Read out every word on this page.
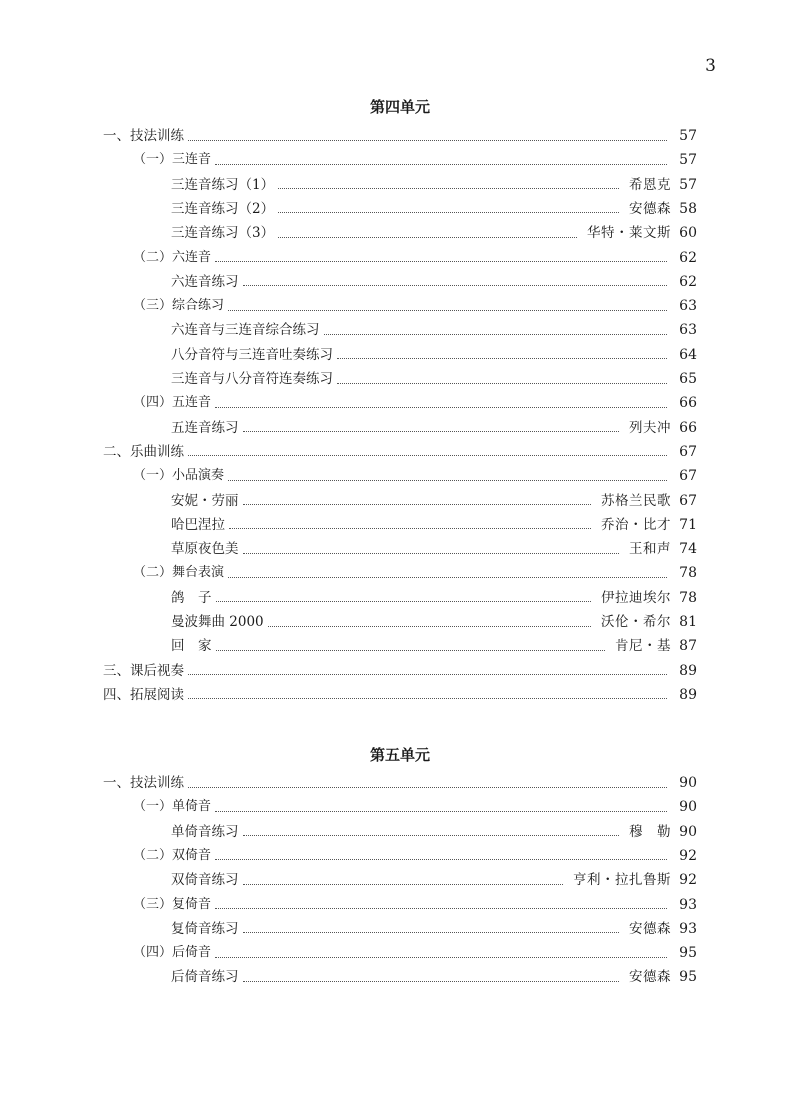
3
第四单元
第五单元
一、技法训练	57
（一）三连音	57
三连音练习（1）	希恩克 57
三连音练习（2）	安德森 58
三连音练习（3）	华特・莱文斯 60
（二）六连音	62
六连音练习	62
（三）综合练习	63
六连音与三连音综合练习	63
八分音符与三连音吐奏练习	64
三连音与八分音符连奏练习	65
（四）五连音	66
五连音练习	列夫冲 66
二、乐曲训练	67
（一）小品演奏	67
安妮・劳丽	苏格兰民歌 67
哈巴涅拉	乔治・比才 71
草原夜色美	王和声 74
（二）舞台表演	78
鸽　子	伊拉迪埃尔 78
曼波舞曲 2000	沃伦・希尔 81
回　家	肯尼・基 87
三、课后视奏	89
四、拓展阅读	89
一、技法训练	90
（一）单倚音	90
单倚音练习	穆　勒 90
（二）双倚音	92
双倚音练习	亨利・拉扎鲁斯 92
（三）复倚音	93
复倚音练习	安德森 93
（四）后倚音	95
后倚音练习	安德森 95
